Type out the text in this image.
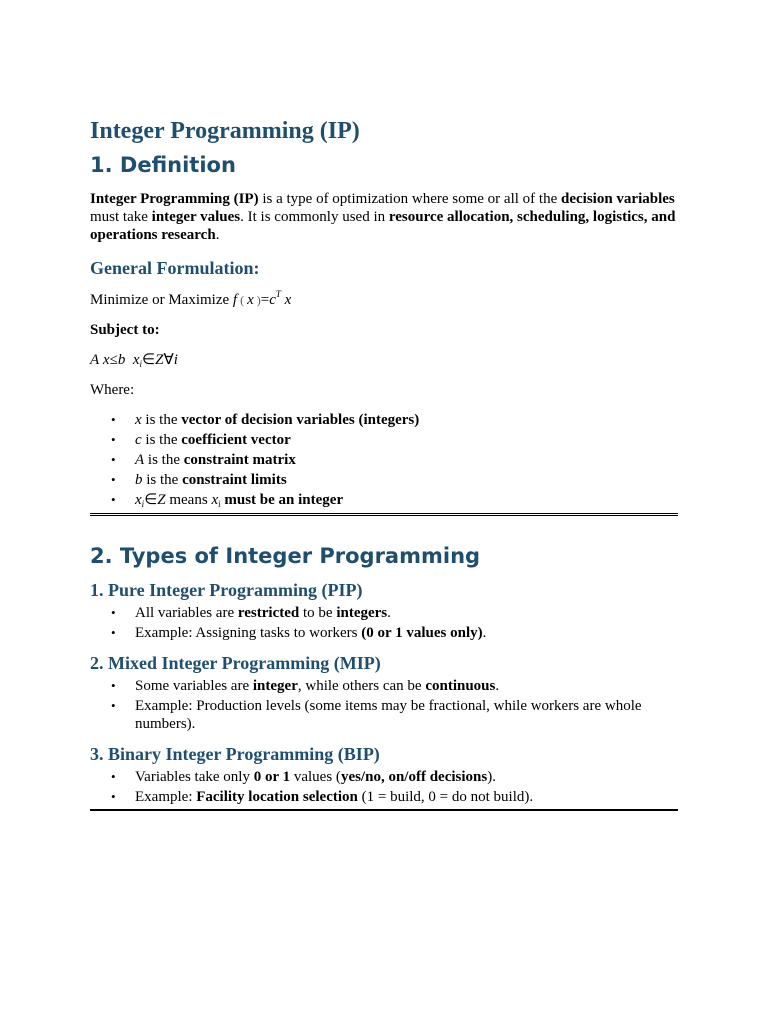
Integer Programming (IP)
1. Definition

Integer Programming (IP) is a type of optimization where some or all of the decision variables must take integer values. It is commonly used in resource allocation, scheduling, logistics, and operations research.

General Formulation:

Minimize or Maximize f ( x )$=c^T$ x

Subject to:

A x≤b $x_i\in Z\forall i$

Where:

• x is the vector of decision variables (integers)
• c is the coefficient vector
• A is the constraint matrix
• b is the constraint limits
• $x_i\in Z$ means $x_i$ must be an integer
2. Types of Integer Programming
1. Pure Integer Programming (PIP)
• All variables are restricted to be integers.
• Example: Assigning tasks to workers (0 or 1 values only).
2. Mixed Integer Programming (MIP)
• Some variables are integer, while others can be continuous.
• Example: Production levels (some items may be fractional, while workers are whole numbers).
3. Binary Integer Programming (BIP)
• Variables take only 0 or 1 values (yes/no, on/off decisions).
• Example: Facility location selection (1 = build, 0 = do not build).
